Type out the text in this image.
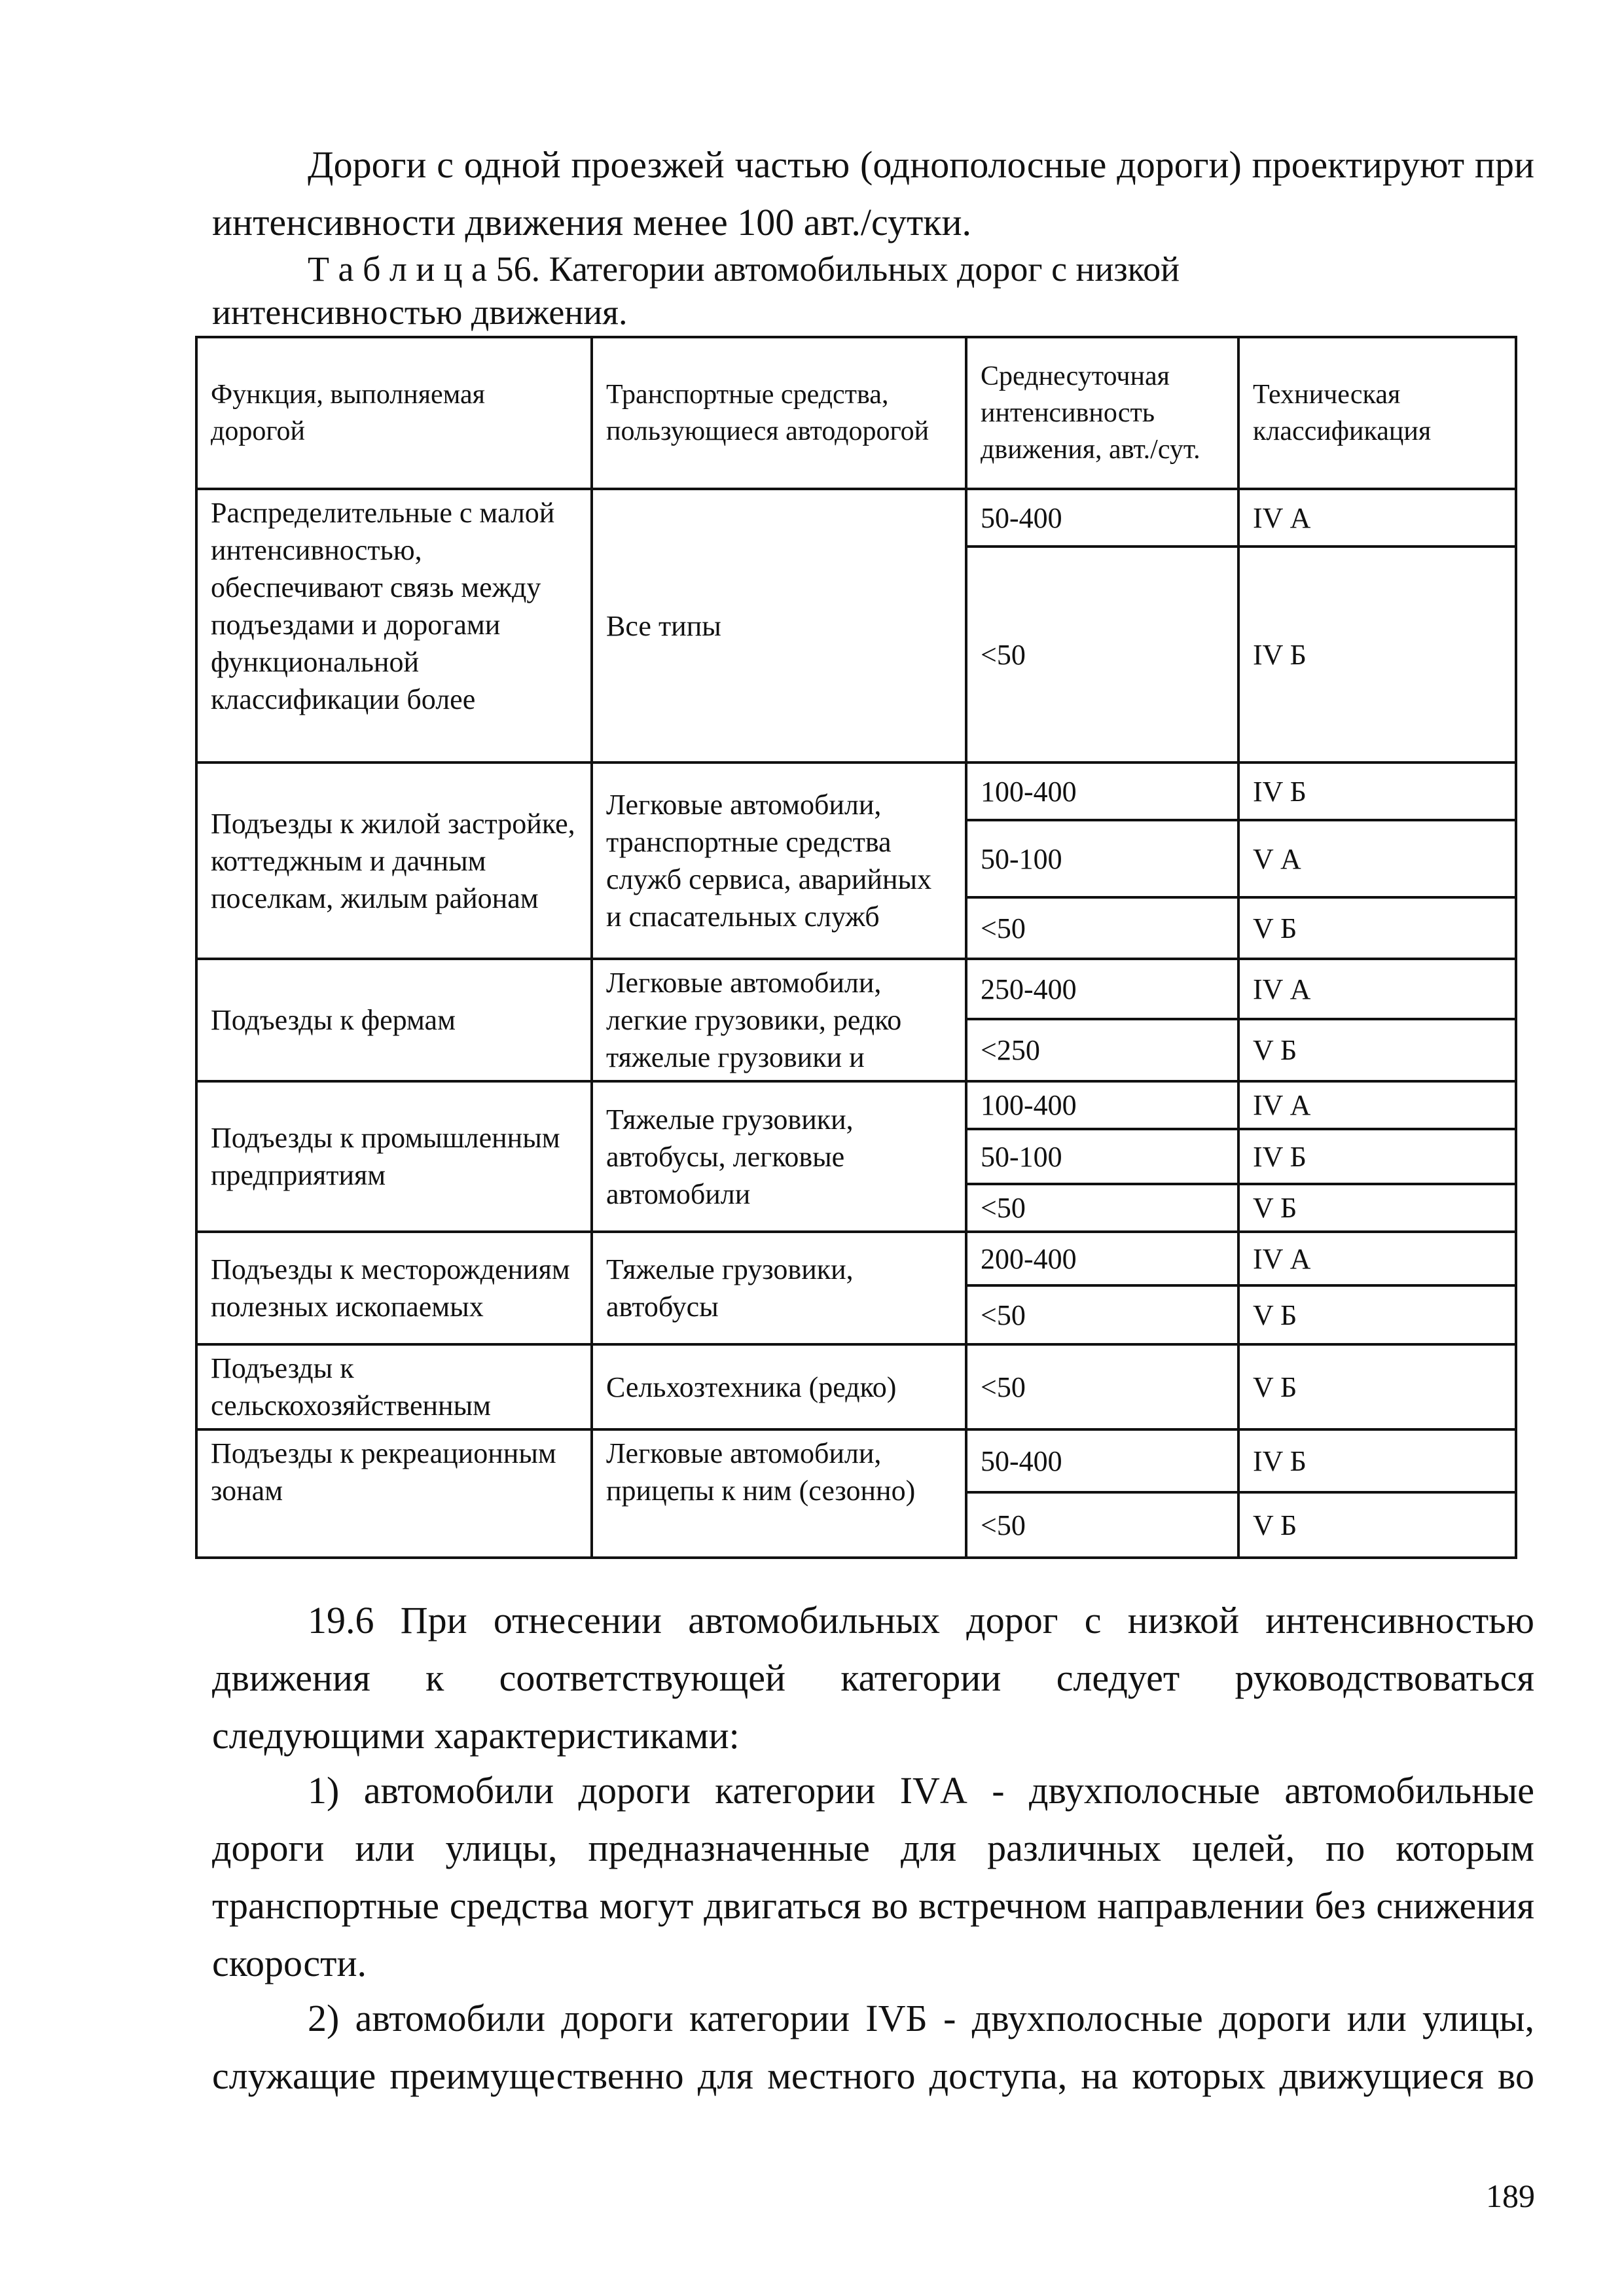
Дороги с одной проезжей частью (однополосные дороги) проектируют при
интенсивности движения менее 100 авт./сутки.
Т а б л и ц а 56. Категории автомобильных дорог с низкой
интенсивностью движения.
Функция, выполняемая дорогой	Транспортные средства, пользующиеся автодорогой	Среднесуточная интенсивность движения, авт./сут.	Техническая классификация
Распределительные с малой интенсивностью, обеспечивают связь между подъездами и дорогами функциональной классификации более	Все типы	50-400	IV А
		<50	IV Б
Подъезды к жилой застройке, коттеджным и дачным поселкам, жилым районам	Легковые автомобили, транспортные средства служб сервиса, аварийных и спасательных служб	100-400	IV Б
		50-100	V А
		<50	V Б
Подъезды к фермам	Легковые автомобили, легкие грузовики, редко тяжелые грузовики и	250-400	IV А
		<250	V Б
Подъезды к промышленным предприятиям	Тяжелые грузовики, автобусы, легковые автомобили	100-400	IV А
		50-100	IV Б
		<50	V Б
Подъезды к месторождениям полезных ископаемых	Тяжелые грузовики, автобусы	200-400	IV А
		<50	V Б
Подъезды к сельскохозяйственным	Сельхозтехника (редко)	<50	V Б
Подъезды к рекреационным зонам	Легковые автомобили, прицепы к ним (сезонно)	50-400	IV Б
		<50	V Б
19.6 При отнесении автомобильных дорог с низкой интенсивностью
движения к соответствующей категории следует руководствоваться
следующими характеристиками:
1) автомобили дороги категории IVА - двухполосные автомобильные
дороги или улицы, предназначенные для различных целей, по которым
транспортные средства могут двигаться во встречном направлении без снижения
скорости.
2) автомобили дороги категории IVБ - двухполосные дороги или улицы,
служащие преимущественно для местного доступа, на которых движущиеся во
189
